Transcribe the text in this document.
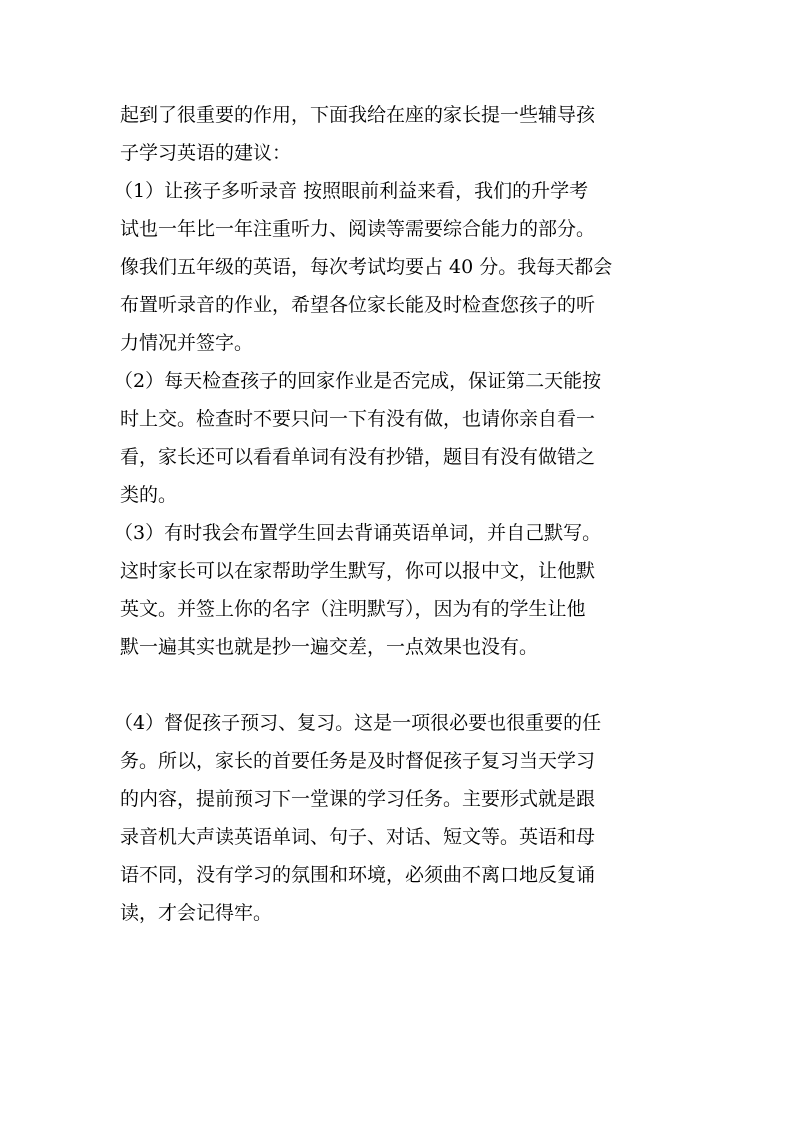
起到了很重要的作用，下面我给在座的家长提一些辅导孩
子学习英语的建议：
（1）让孩子多听录音 按照眼前利益来看，我们的升学考
试也一年比一年注重听力、阅读等需要综合能力的部分。
像我们五年级的英语，每次考试均要占 40 分。我每天都会
布置听录音的作业，希望各位家长能及时检查您孩子的听
力情况并签字。
（2）每天检查孩子的回家作业是否完成，保证第二天能按
时上交。检查时不要只问一下有没有做，也请你亲自看一
看，家长还可以看看单词有没有抄错，题目有没有做错之
类的。
（3）有时我会布置学生回去背诵英语单词，并自己默写。
这时家长可以在家帮助学生默写，你可以报中文，让他默
英文。并签上你的名字（注明默写），因为有的学生让他
默一遍其实也就是抄一遍交差，一点效果也没有。
（4）督促孩子预习、复习。这是一项很必要也很重要的任
务。所以，家长的首要任务是及时督促孩子复习当天学习
的内容，提前预习下一堂课的学习任务。主要形式就是跟
录音机大声读英语单词、句子、对话、短文等。英语和母
语不同，没有学习的氛围和环境，必须曲不离口地反复诵
读，才会记得牢。
